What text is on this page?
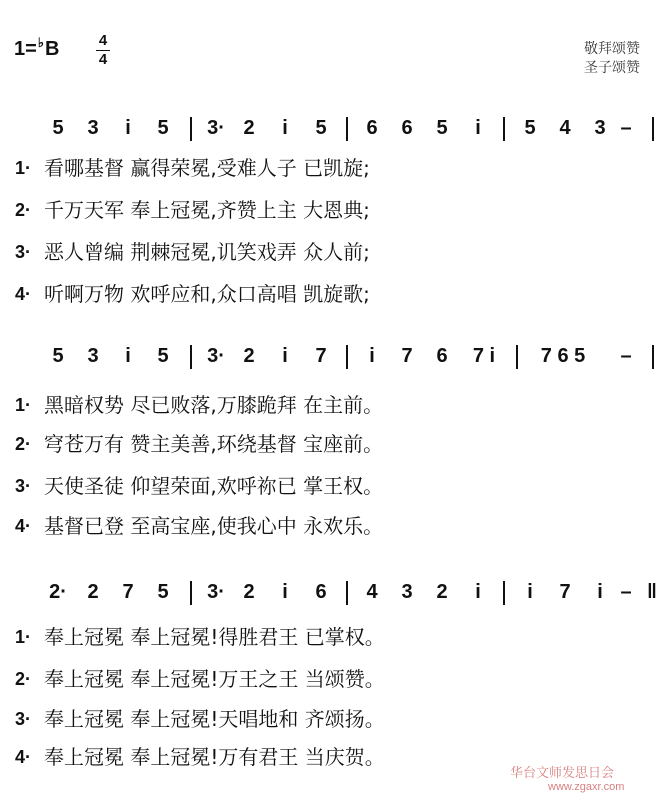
1=♭B	4
4
敬拜颂赞
圣子颂赞
5 3 i 5 3· 2 i 5 6 6 5 i 5 4 3 –
1· 看哪基督 赢得荣冕,受难人子 已凯旋;
2· 千万天军 奉上冠冕,齐赞上主 大恩典;
3· 恶人曾编 荆棘冠冕,讥笑戏弄 众人前;
4· 听啊万物 欢呼应和,众口高唱 凯旋歌;
5 3 i 5 3· 2 i 7 i 7 6 7 i 7 6 5 –
1· 黑暗权势 尽已败落,万膝跪拜 在主前。
2· 穹苍万有 赞主美善,环绕基督 宝座前。
3· 天使圣徒 仰望荣面,欢呼祢已 掌王权。
4· 基督已登 至高宝座,使我心中 永欢乐。
2· 2 7 5 3· 2 i 6 4 3 2 i i 7 i – ‖
1· 奉上冠冕 奉上冠冕!得胜君王 已掌权。
2· 奉上冠冕 奉上冠冕!万王之王 当颂赞。
3· 奉上冠冕 奉上冠冕!天唱地和 齐颂扬。
4· 奉上冠冕 奉上冠冕!万有君王 当庆贺。
华台文师发思日会
www.zgaxr.com
